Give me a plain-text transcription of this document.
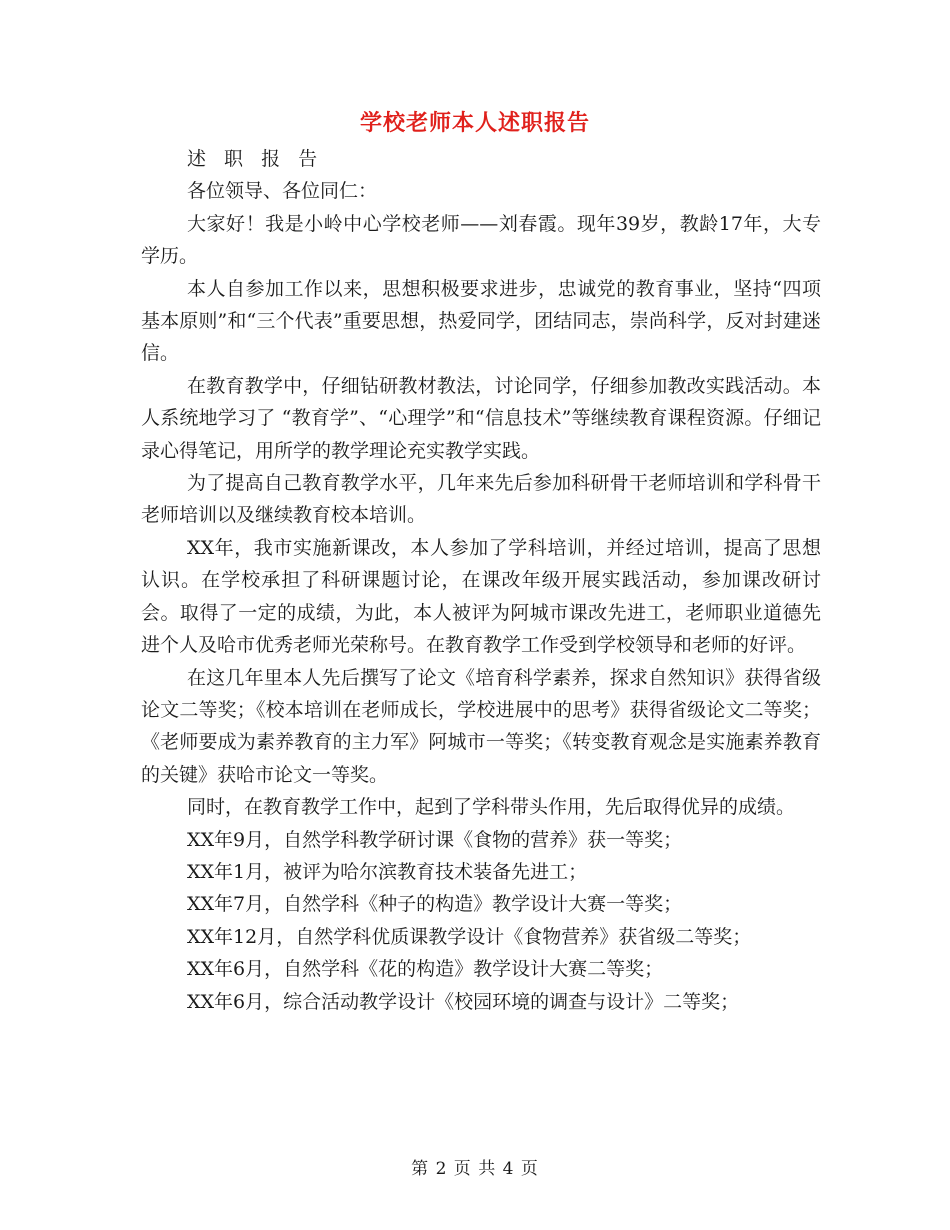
学校老师本人述职报告

述 职 报 告

各位领导、各位同仁：

大家好！我是小岭中心学校老师——刘春霞。现年39岁，教龄17年，大专学历。

本人自参加工作以来，思想积极要求进步，忠诚党的教育事业，坚持“四项基本原则”和“三个代表”重要思想，热爱同学，团结同志，崇尚科学，反对封建迷信。

在教育教学中，仔细钻研教材教法，讨论同学，仔细参加教改实践活动。本人系统地学习了 “教育学”、“心理学”和“信息技术”等继续教育课程资源。仔细记录心得笔记，用所学的教学理论充实教学实践。

为了提高自己教育教学水平，几年来先后参加科研骨干老师培训和学科骨干老师培训以及继续教育校本培训。

XX年，我市实施新课改，本人参加了学科培训，并经过培训，提高了思想认识。在学校承担了科研课题讨论，在课改年级开展实践活动，参加课改研讨会。取得了一定的成绩，为此，本人被评为阿城市课改先进工，老师职业道德先进个人及哈市优秀老师光荣称号。在教育教学工作受到学校领导和老师的好评。

在这几年里本人先后撰写了论文《培育科学素养，探求自然知识》获得省级论文二等奖；《校本培训在老师成长，学校进展中的思考》获得省级论文二等奖；《老师要成为素养教育的主力军》阿城市一等奖；《转变教育观念是实施素养教育的关键》获哈市论文一等奖。

同时，在教育教学工作中，起到了学科带头作用，先后取得优异的成绩。

XX年9月，自然学科教学研讨课《食物的营养》获一等奖；

XX年1月，被评为哈尔滨教育技术装备先进工；

XX年7月，自然学科《种子的构造》教学设计大赛一等奖；

XX年12月，自然学科优质课教学设计《食物营养》获省级二等奖；

XX年6月，自然学科《花的构造》教学设计大赛二等奖；

XX年6月，综合活动教学设计《校园环境的调查与设计》二等奖；

第 2 页 共 4 页
